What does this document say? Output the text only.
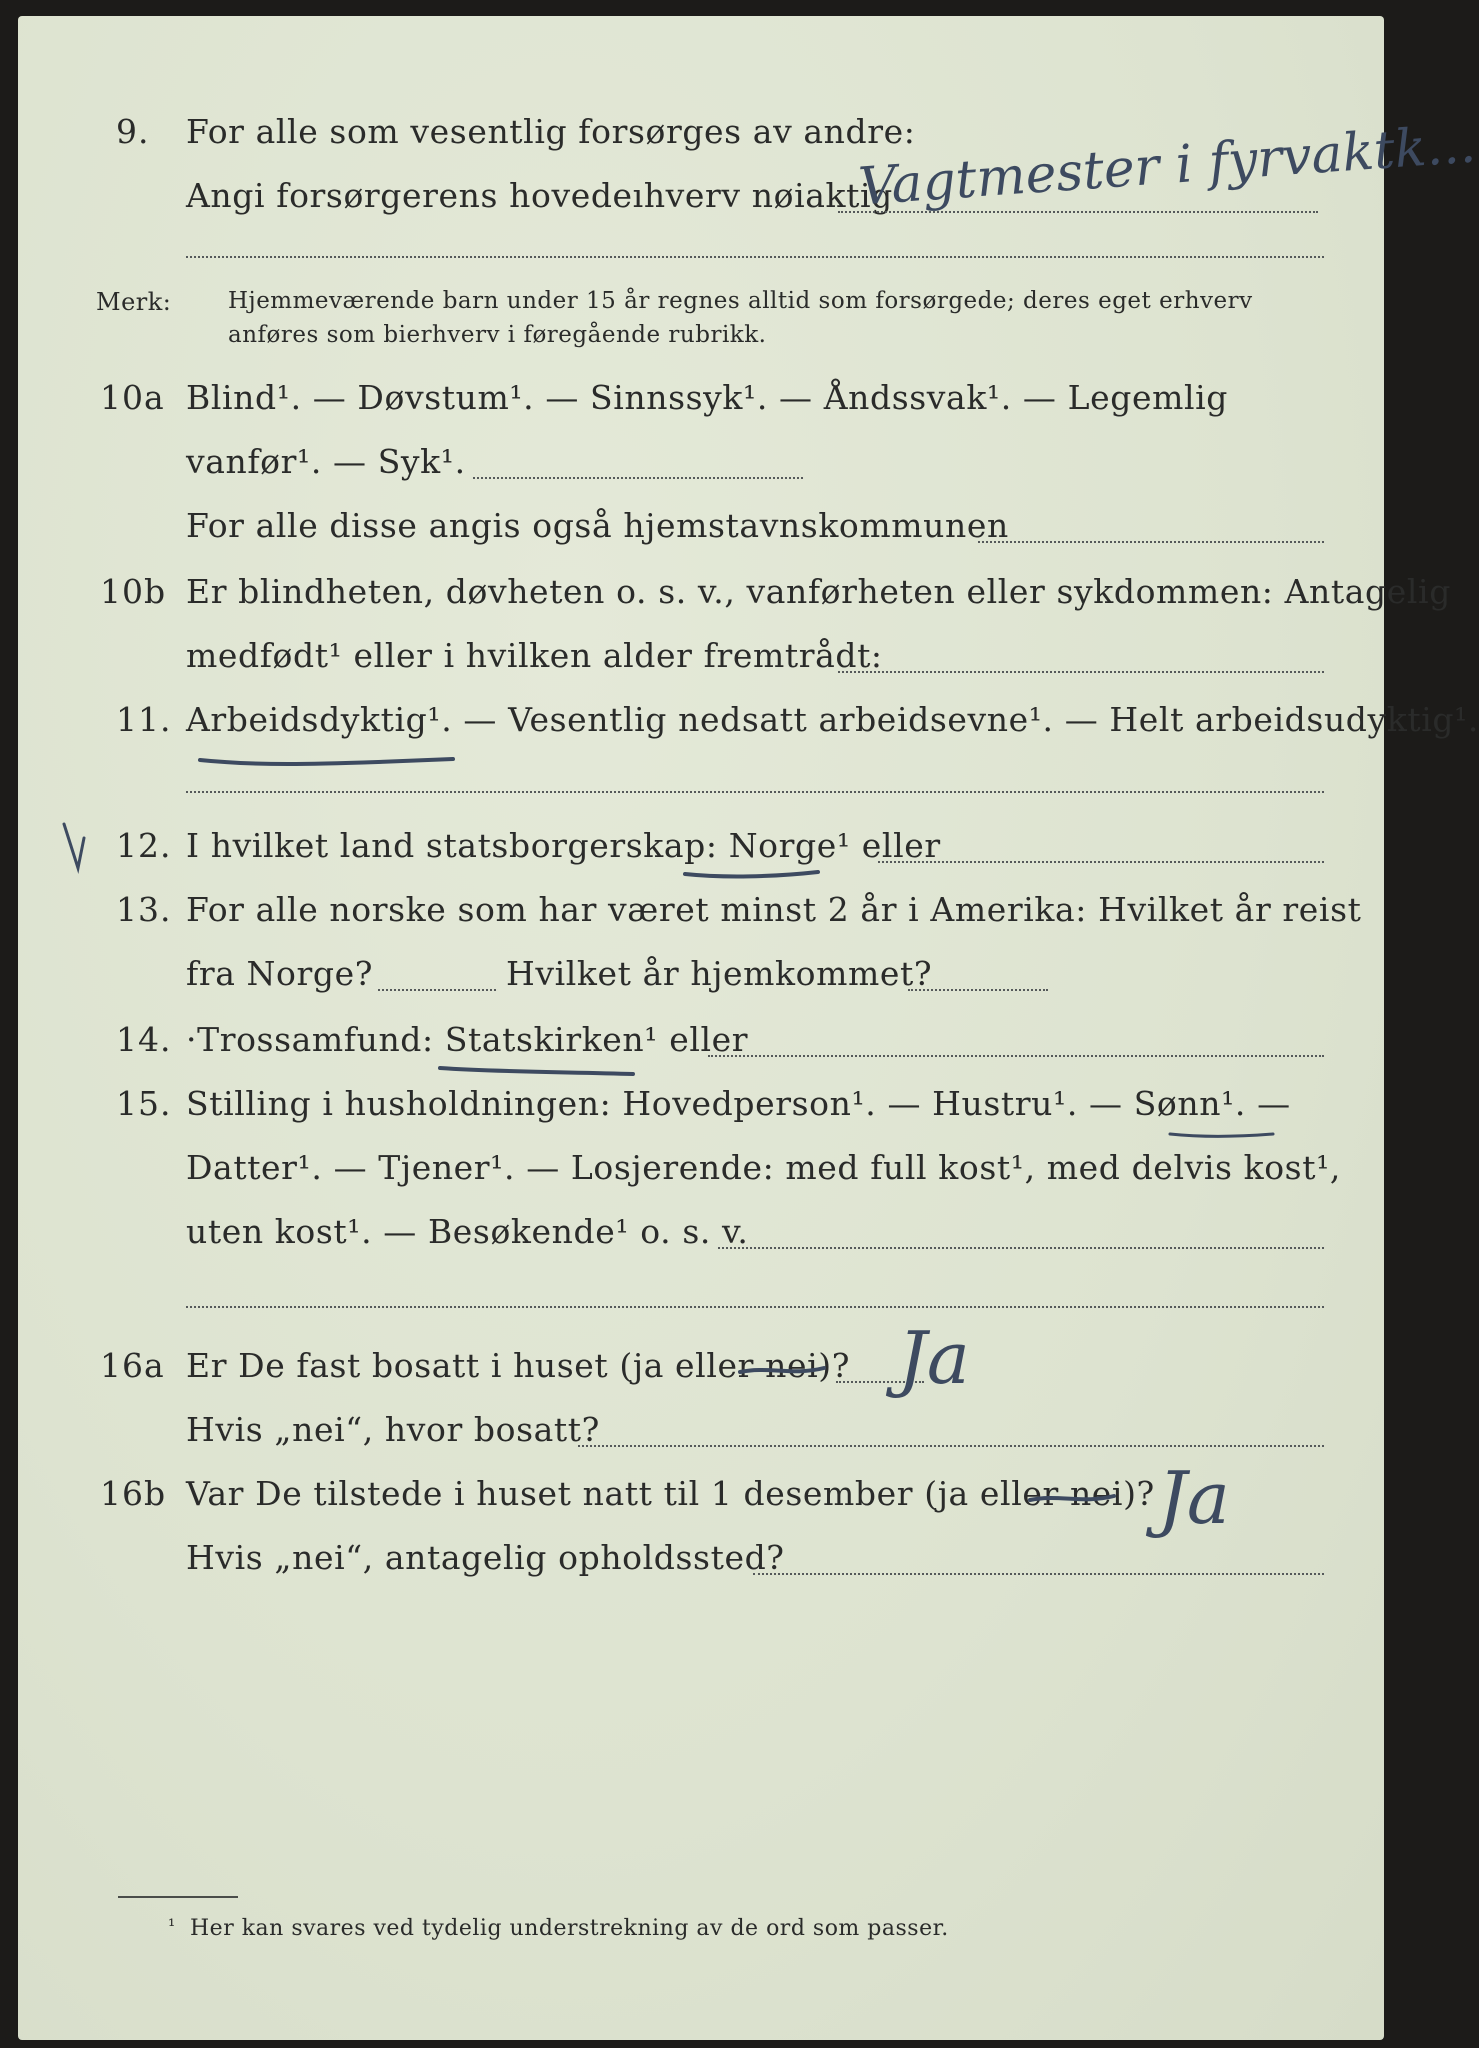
9. For alle som vesentlig forsørges av andre:
Angi forsørgerens hovedeıhverv nøiaktig
Vagtmester i fyrvaktk...
Merk: Hjemmeværende barn under 15 år regnes alltid som forsørgede; deres eget erhverv
anføres som bierhverv i føregående rubrikk.
10a Blind¹. — Døvstum¹. — Sinnssyk¹. — Åndssvak¹. — Legemlig
vanfør¹. — Syk¹.
For alle disse angis også hjemstavnskommunen
10b Er blindheten, døvheten o. s. v., vanførheten eller sykdommen: Antagelig
medfødt¹ eller i hvilken alder fremtrådt:
11. Arbeidsdyktig¹. — Vesentlig nedsatt arbeidsevne¹. — Helt arbeidsudyktig¹.
12. I hvilket land statsborgerskap: Norge¹ eller
13. For alle norske som har været minst 2 år i Amerika: Hvilket år reist
fra Norge?	Hvilket år hjemkommet?
14. ·Trossamfund: Statskirken¹ eller
15. Stilling i husholdningen: Hovedperson¹. — Hustru¹. — Sønn¹. —
Datter¹. — Tjener¹. — Losjerende: med full kost¹, med delvis kost¹,
uten kost¹. — Besøkende¹ o. s. v.
16a Er De fast bosatt i huset (ja eller nei)? Ja
Hvis „nei“, hvor bosatt?
16b Var De tilstede i huset natt til 1 desember (ja eller nei)? Ja
Hvis „nei“, antagelig opholdssted?
¹ Her kan svares ved tydelig understrekning av de ord som passer.
